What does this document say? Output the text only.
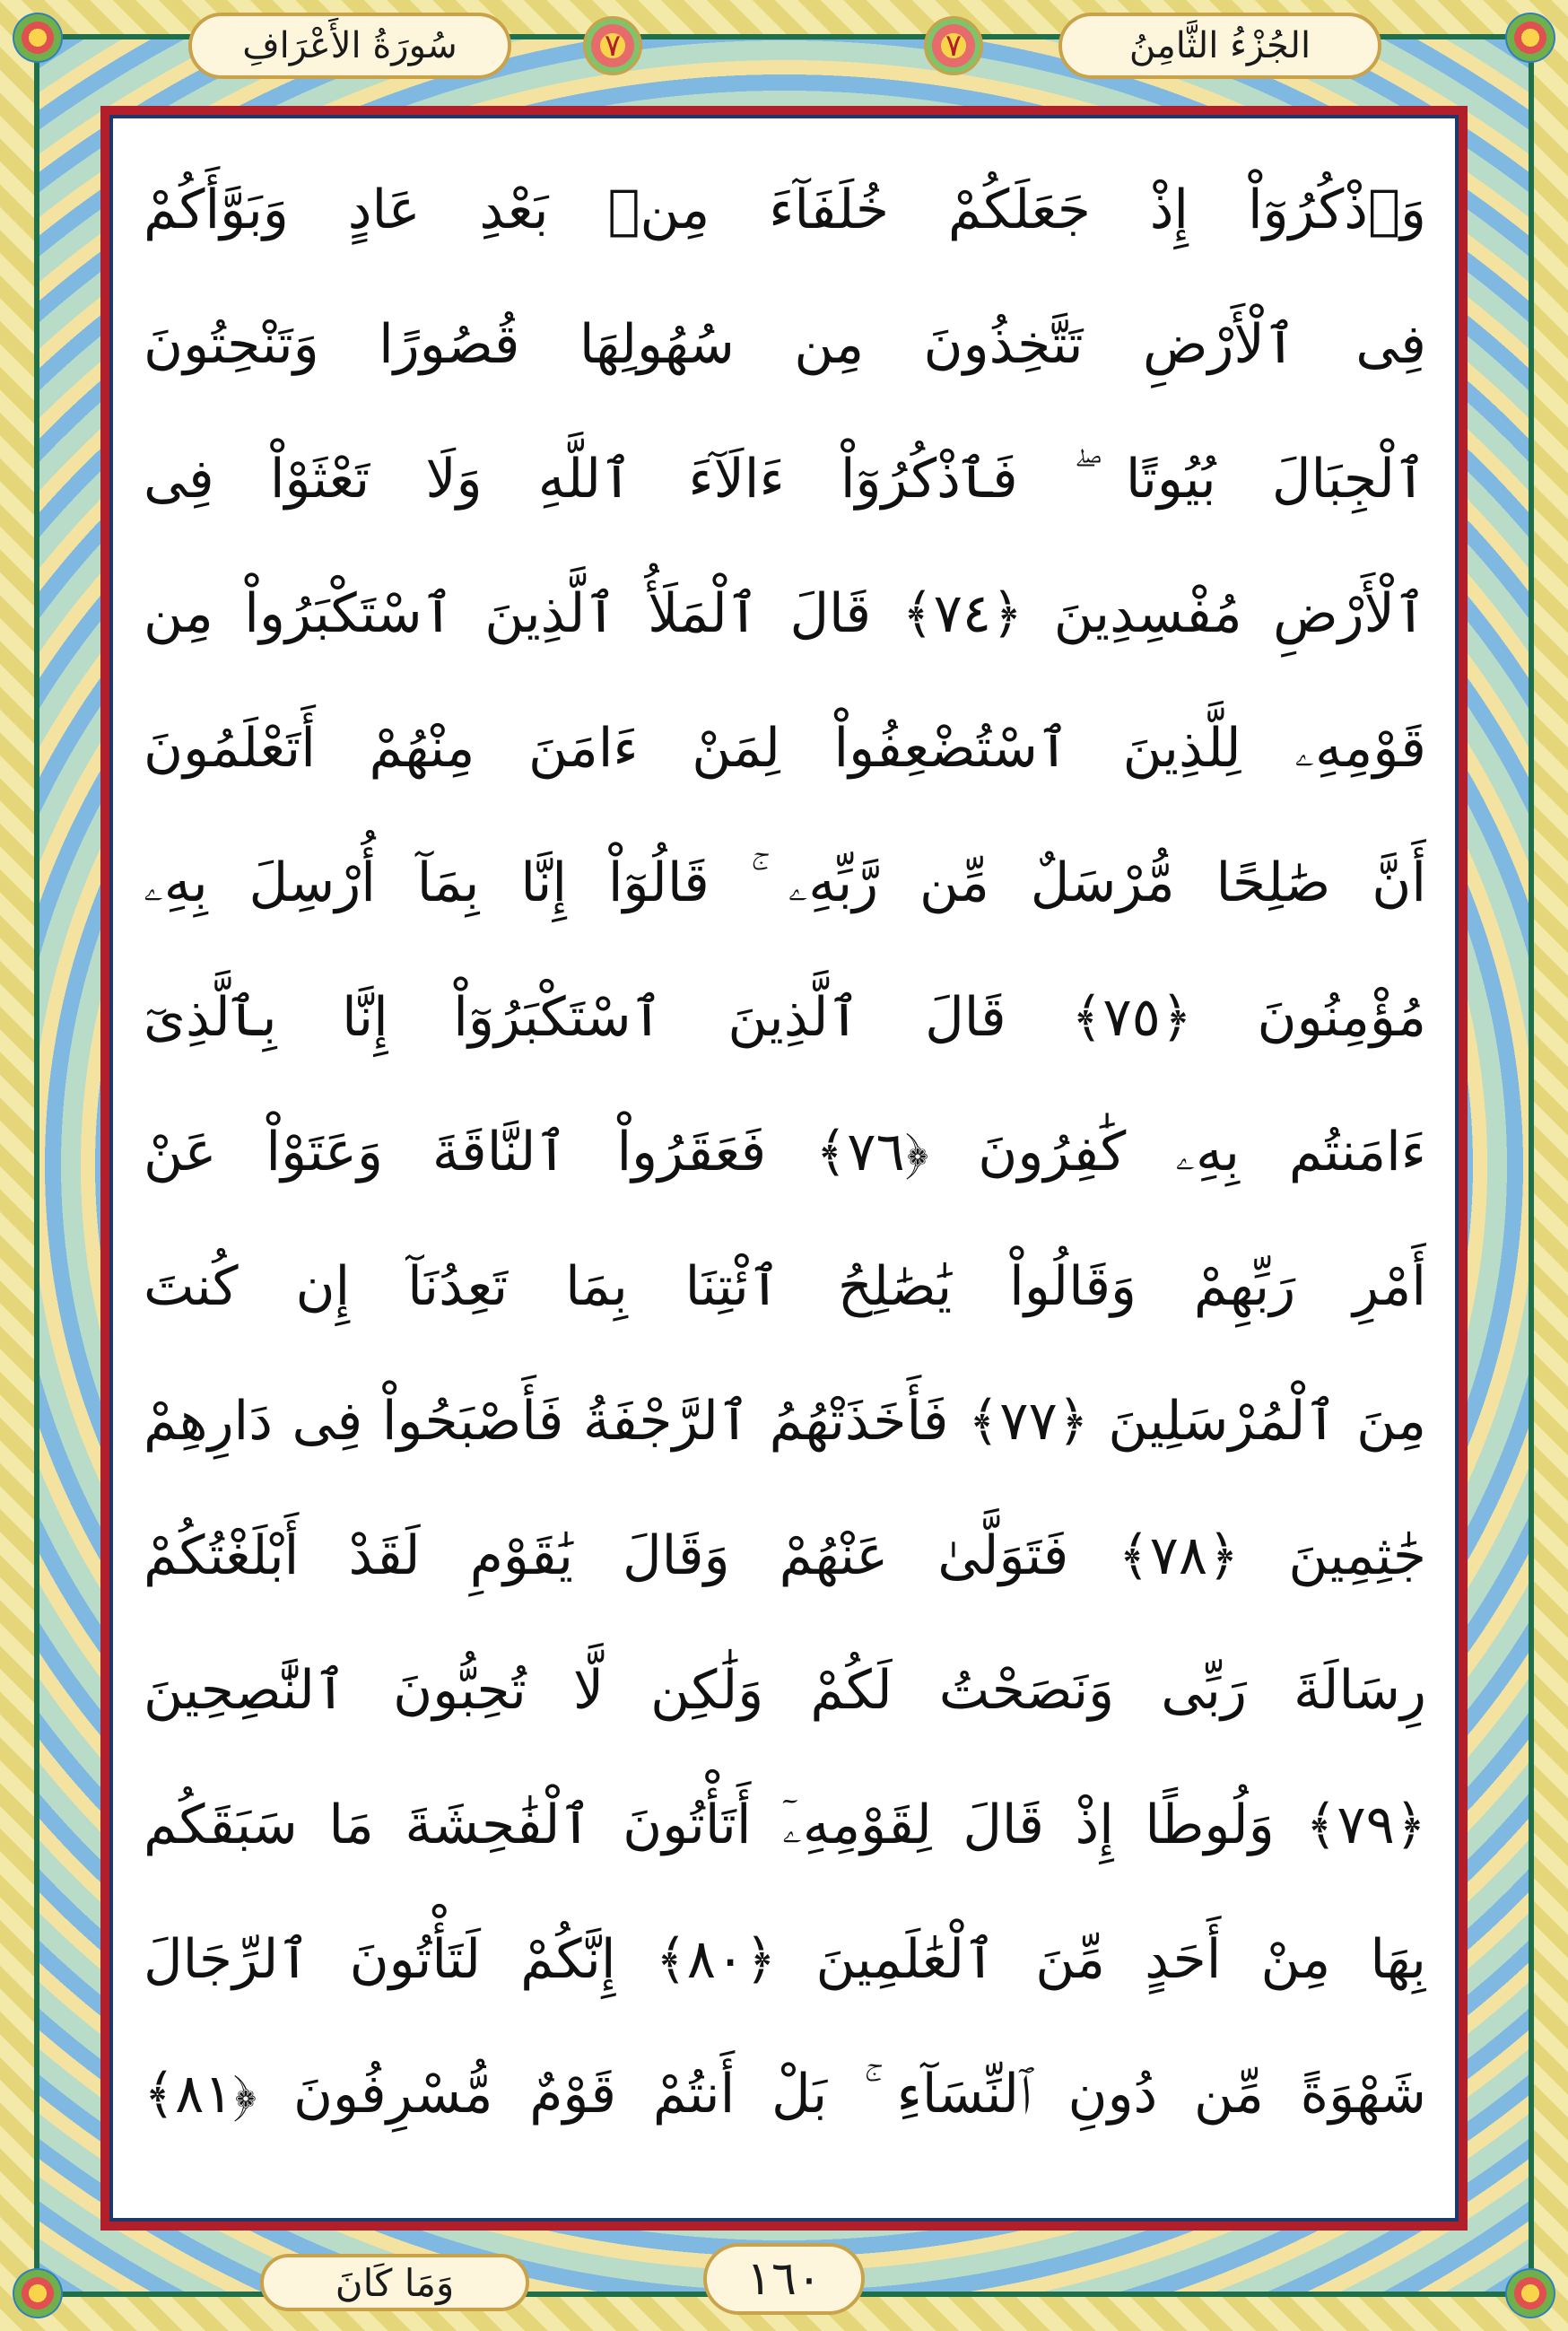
سُورَةُ الأَعْرَافِ	٧	٧	الجُزْءُ الثَّامِنُ
وَٱذْكُرُوٓاْ إِذْ جَعَلَكُمْ خُلَفَآءَ مِنۢ بَعْدِ عَادٍ وَبَوَّأَكُمْ
فِى ٱلْأَرْضِ تَتَّخِذُونَ مِن سُهُولِهَا قُصُورًا وَتَنْحِتُونَ
ٱلْجِبَالَ بُيُوتًا ۖ فَٱذْكُرُوٓاْ ءَالَآءَ ٱللَّهِ وَلَا تَعْثَوْاْ فِى
ٱلْأَرْضِ مُفْسِدِينَ ﴿٧٤﴾ قَالَ ٱلْمَلَأُ ٱلَّذِينَ ٱسْتَكْبَرُواْ مِن
قَوْمِهِۦ لِلَّذِينَ ٱسْتُضْعِفُواْ لِمَنْ ءَامَنَ مِنْهُمْ أَتَعْلَمُونَ
أَنَّ صَٰلِحًا مُّرْسَلٌ مِّن رَّبِّهِۦ ۚ قَالُوٓاْ إِنَّا بِمَآ أُرْسِلَ بِهِۦ
مُؤْمِنُونَ ﴿٧٥﴾ قَالَ ٱلَّذِينَ ٱسْتَكْبَرُوٓاْ إِنَّا بِٱلَّذِىٓ
ءَامَنتُم بِهِۦ كَٰفِرُونَ ﴿٧٦﴾ فَعَقَرُواْ ٱلنَّاقَةَ وَعَتَوْاْ عَنْ
أَمْرِ رَبِّهِمْ وَقَالُواْ يَٰصَٰلِحُ ٱئْتِنَا بِمَا تَعِدُنَآ إِن كُنتَ
مِنَ ٱلْمُرْسَلِينَ ﴿٧٧﴾ فَأَخَذَتْهُمُ ٱلرَّجْفَةُ فَأَصْبَحُواْ فِى دَارِهِمْ
جَٰثِمِينَ ﴿٧٨﴾ فَتَوَلَّىٰ عَنْهُمْ وَقَالَ يَٰقَوْمِ لَقَدْ أَبْلَغْتُكُمْ
رِسَالَةَ رَبِّى وَنَصَحْتُ لَكُمْ وَلَٰكِن لَّا تُحِبُّونَ ٱلنَّٰصِحِينَ
﴿٧٩﴾ وَلُوطًا إِذْ قَالَ لِقَوْمِهِۦٓ أَتَأْتُونَ ٱلْفَٰحِشَةَ مَا سَبَقَكُم
بِهَا مِنْ أَحَدٍ مِّنَ ٱلْعَٰلَمِينَ ﴿٨٠﴾ إِنَّكُمْ لَتَأْتُونَ ٱلرِّجَالَ
شَهْوَةً مِّن دُونِ ٱلنِّسَآءِ ۚ بَلْ أَنتُمْ قَوْمٌ مُّسْرِفُونَ ﴿٨١﴾
وَمَا كَانَ	١٦٠
